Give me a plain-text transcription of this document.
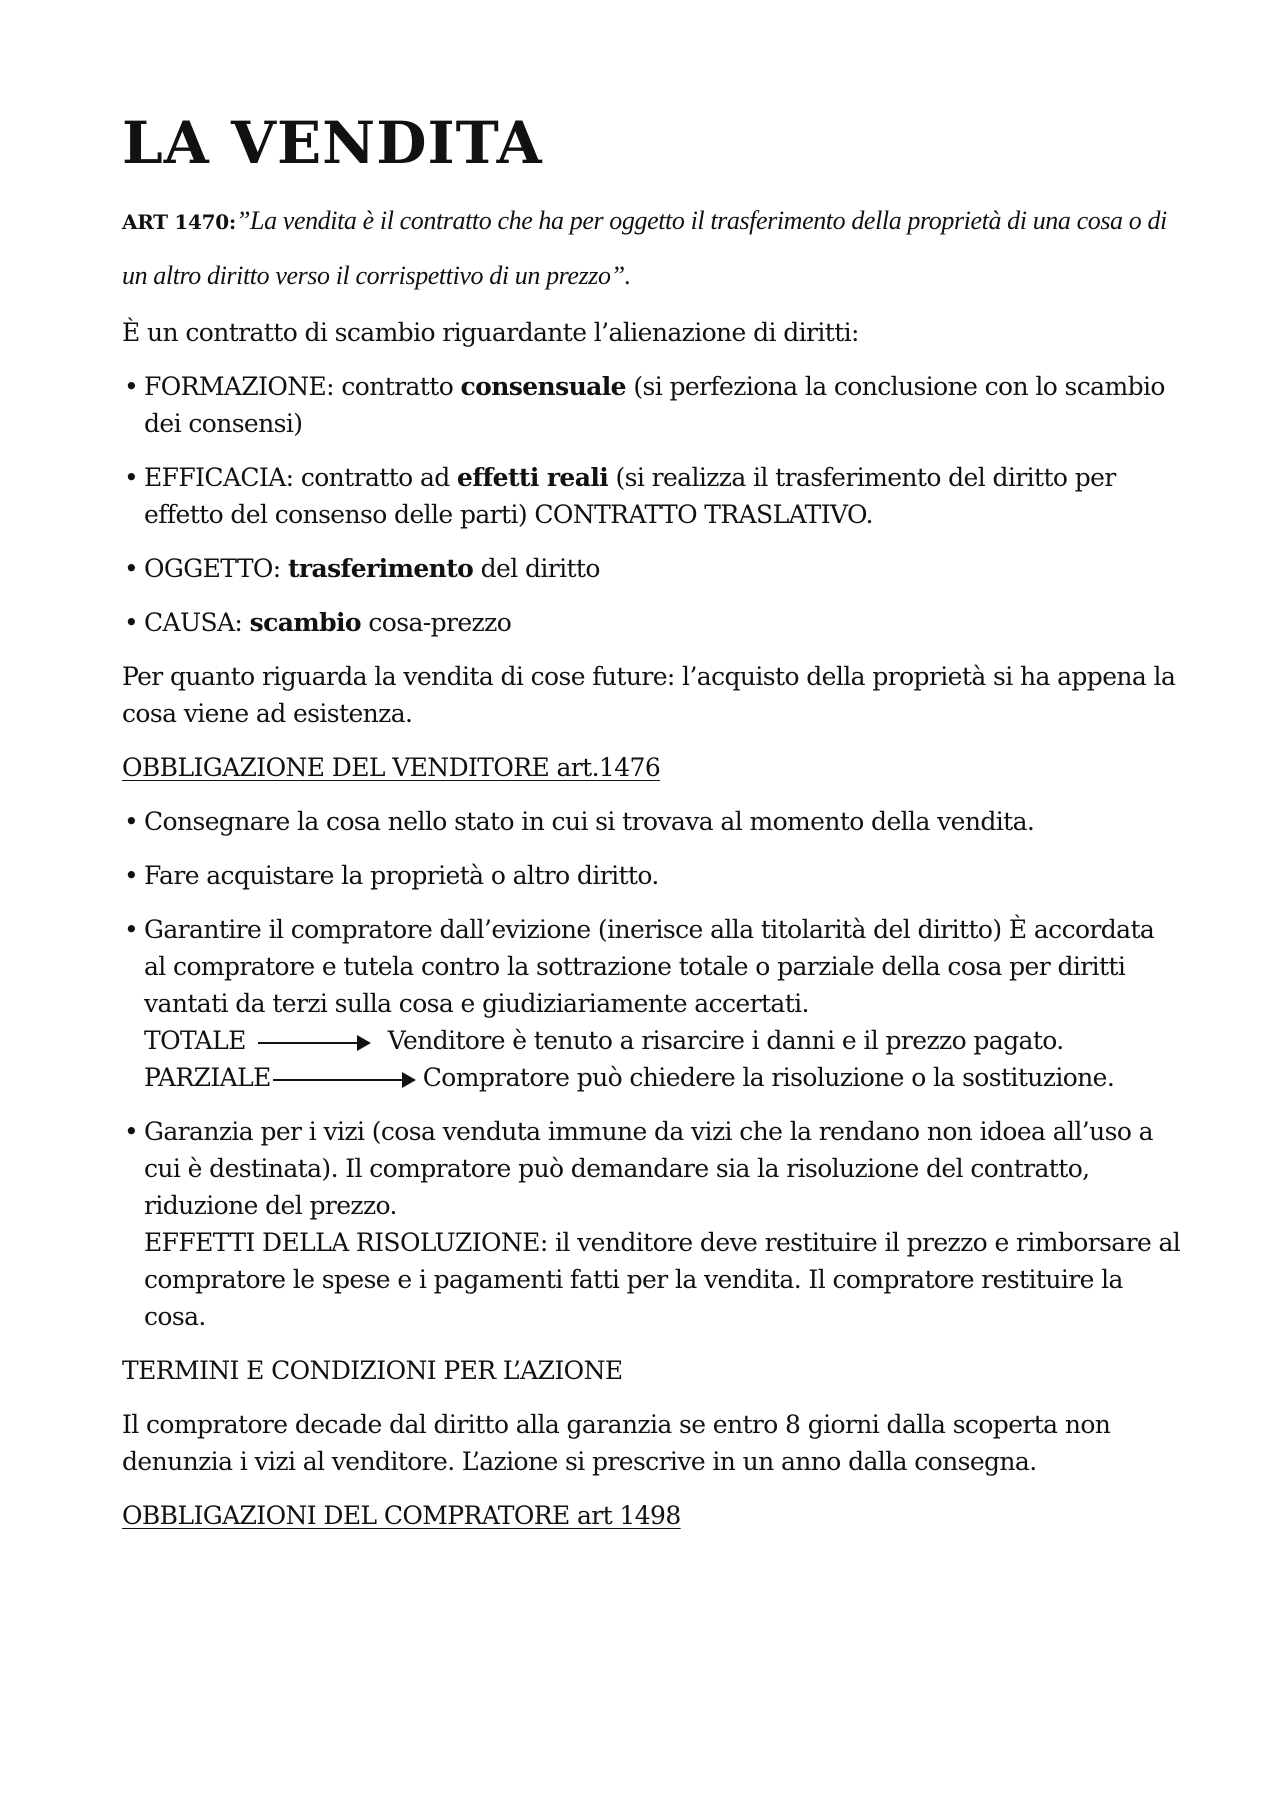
LA VENDITA

ART 1470:”La vendita è il contratto che ha per oggetto il trasferimento della proprietà di una cosa o di un altro diritto verso il corrispettivo di un prezzo”.

È un contratto di scambio riguardante l’alienazione di diritti:

• FORMAZIONE: contratto consensuale (si perfeziona la conclusione con lo scambio dei consensi)
• EFFICACIA: contratto ad effetti reali (si realizza il trasferimento del diritto per effetto del consenso delle parti) CONTRATTO TRASLATIVO.
• OGGETTO: trasferimento del diritto
• CAUSA: scambio cosa-prezzo

Per quanto riguarda la vendita di cose future: l’acquisto della proprietà si ha appena la cosa viene ad esistenza.

OBBLIGAZIONE DEL VENDITORE art.1476

• Consegnare la cosa nello stato in cui si trovava al momento della vendita.
• Fare acquistare la proprietà o altro diritto.
• Garantire il compratore dall’evizione (inerisce alla titolarità del diritto) È accordata al compratore e tutela contro la sottrazione totale o parziale della cosa per diritti vantati da terzi sulla cosa e giudiziariamente accertati.
TOTALE	Venditore è tenuto a risarcire i danni e il prezzo pagato.
PARZIALE	Compratore può chiedere la risoluzione o la sostituzione.
• Garanzia per i vizi (cosa venduta immune da vizi che la rendano non idoea all’uso a cui è destinata). Il compratore può demandare sia la risoluzione del contratto, riduzione del prezzo.
EFFETTI DELLA RISOLUZIONE: il venditore deve restituire il prezzo e rimborsare al compratore le spese e i pagamenti fatti per la vendita. Il compratore restituire la cosa.

TERMINI E CONDIZIONI PER L’AZIONE

Il compratore decade dal diritto alla garanzia se entro 8 giorni dalla scoperta non denunzia i vizi al venditore. L’azione si prescrive in un anno dalla consegna.

OBBLIGAZIONI DEL COMPRATORE art 1498
